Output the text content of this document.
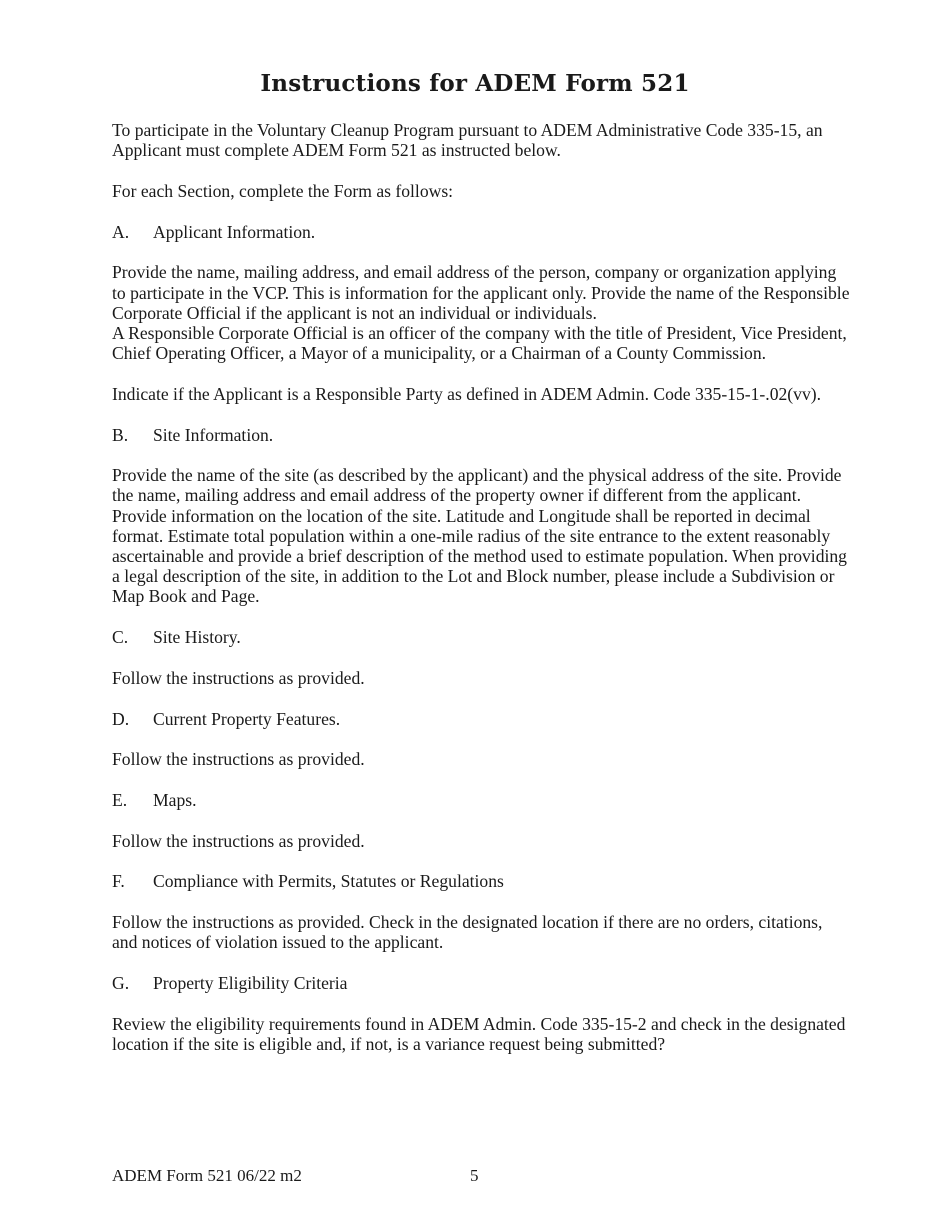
Instructions for ADEM Form 521

To participate in the Voluntary Cleanup Program pursuant to ADEM Administrative Code 335-15, an Applicant must complete ADEM Form 521 as instructed below.

For each Section, complete the Form as follows:

A.	Applicant Information.

Provide the name, mailing address, and email address of the person, company or organization applying to participate in the VCP. This is information for the applicant only. Provide the name of the Responsible Corporate Official if the applicant is not an individual or individuals.

A Responsible Corporate Official is an officer of the company with the title of President, Vice President, Chief Operating Officer, a Mayor of a municipality, or a Chairman of a County Commission.

Indicate if the Applicant is a Responsible Party as defined in ADEM Admin. Code 335-15-1-.02(vv).

B.	Site Information.

Provide the name of the site (as described by the applicant) and the physical address of the site. Provide the name, mailing address and email address of the property owner if different from the applicant. Provide information on the location of the site. Latitude and Longitude shall be reported in decimal format. Estimate total population within a one-mile radius of the site entrance to the extent reasonably ascertainable and provide a brief description of the method used to estimate population. When providing a legal description of the site, in addition to the Lot and Block number, please include a Subdivision or Map Book and Page.

C.	Site History.

Follow the instructions as provided.

D.	Current Property Features.

Follow the instructions as provided.

E.	Maps.

Follow the instructions as provided.

F.	Compliance with Permits, Statutes or Regulations

Follow the instructions as provided. Check in the designated location if there are no orders, citations, and notices of violation issued to the applicant.

G.	Property Eligibility Criteria

Review the eligibility requirements found in ADEM Admin. Code 335-15-2 and check in the designated location if the site is eligible and, if not, is a variance request being submitted?

ADEM Form 521 06/22 m2	5
